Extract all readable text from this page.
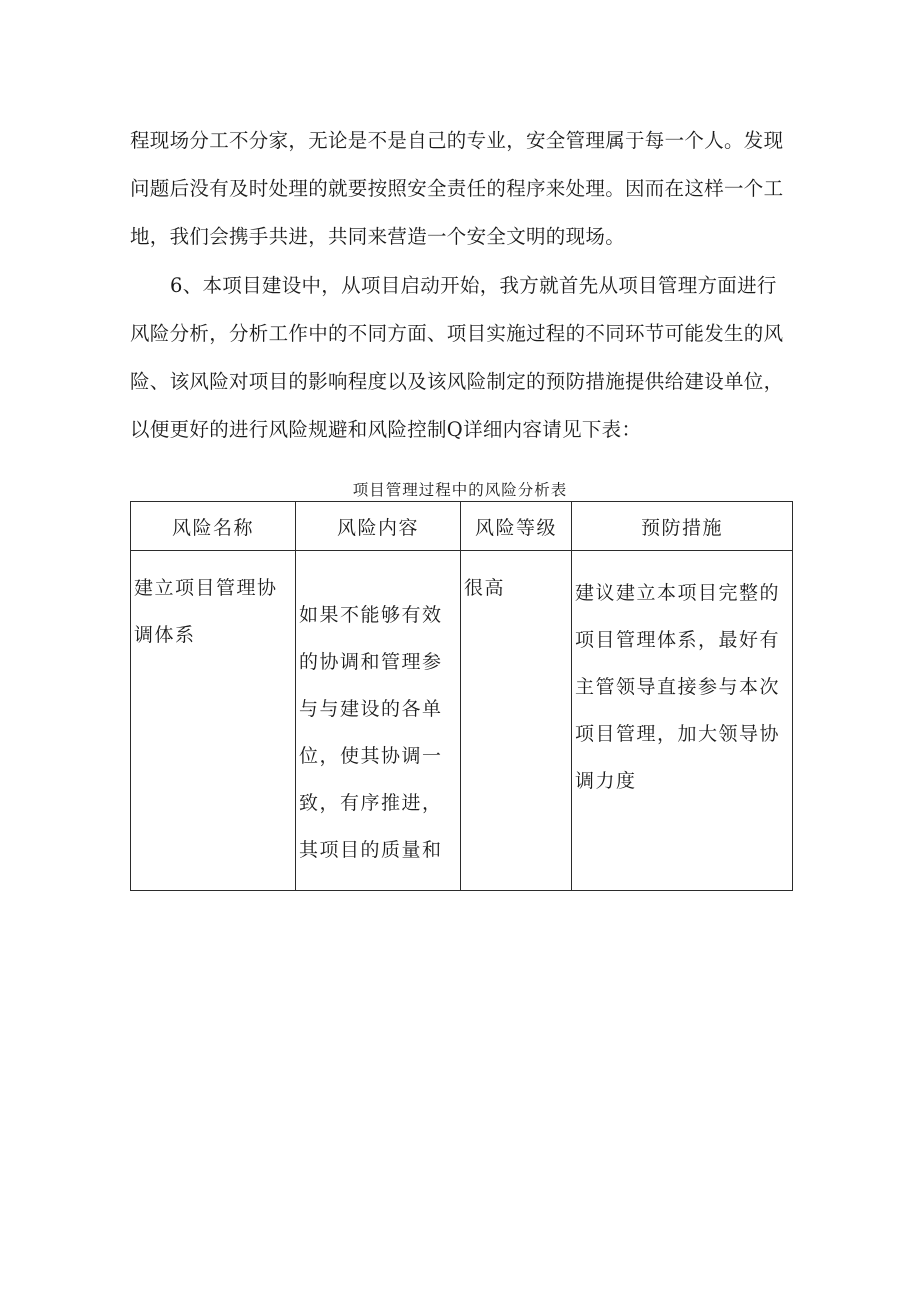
程现场分工不分家，无论是不是自己的专业，安全管理属于每一个人。发现
问题后没有及时处理的就要按照安全责任的程序来处理。因而在这样一个工
地，我们会携手共进，共同来营造一个安全文明的现场。

6、本项目建设中，从项目启动开始，我方就首先从项目管理方面进行
风险分析，分析工作中的不同方面、项目实施过程的不同环节可能发生的风
险、该风险对项目的影响程度以及该风险制定的预防措施提供给建设单位，
以便更好的进行风险规避和风险控制Q详细内容请见下表：

项目管理过程中的风险分析表
风险名称	风险内容	风险等级	预防措施

建立项目管理协调体系	如果不能够有效的协调和管理参与与建设的各单位，使其协调一致，有序推进，其项目的质量和	很高	建议建立本项目完整的项目管理体系，最好有主管领导直接参与本次项目管理，加大领导协调力度
